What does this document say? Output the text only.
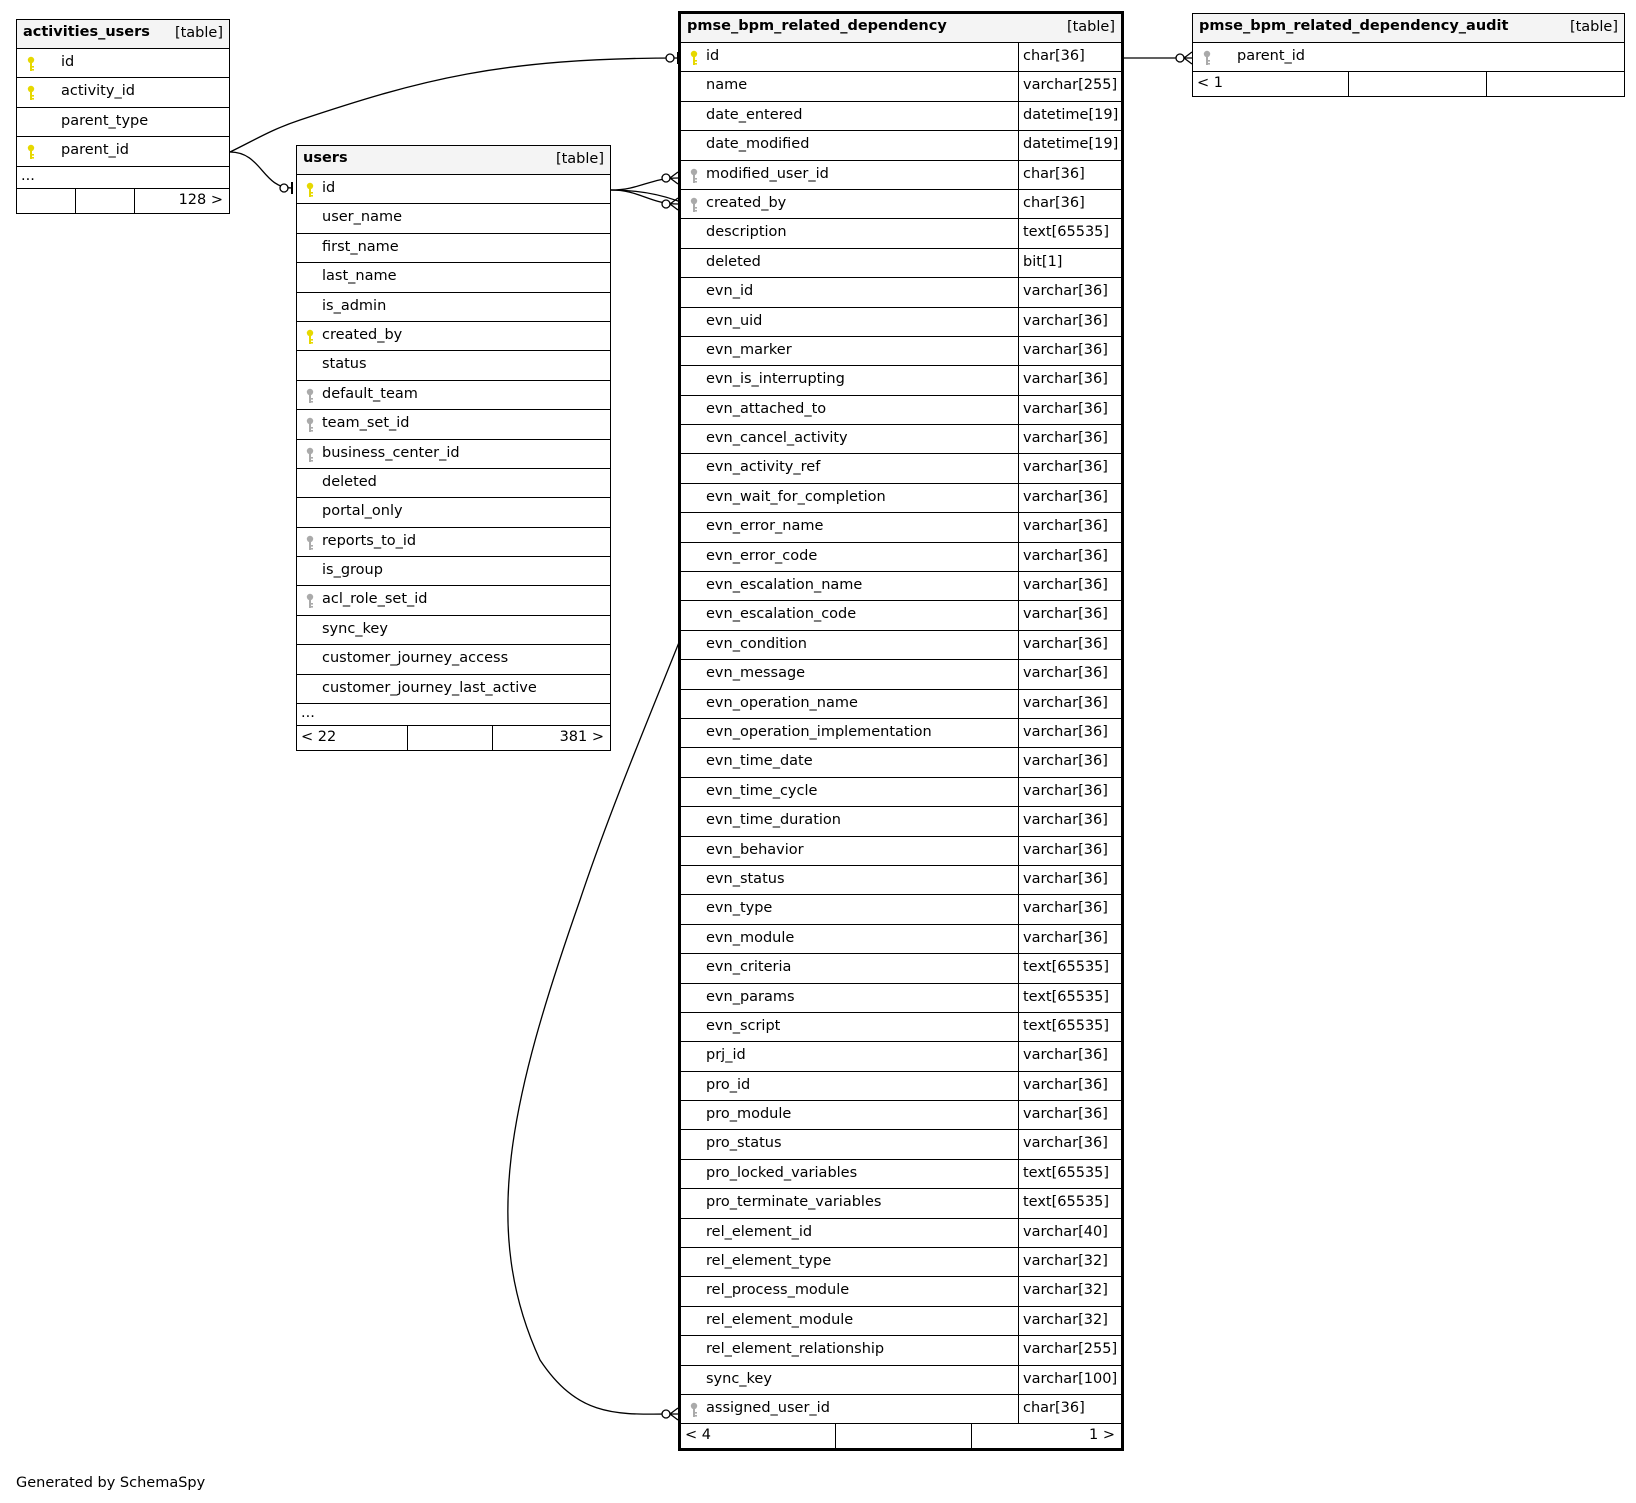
activities_users [table]
id
activity_id
parent_type
parent_id
...
128 >
users	[table]
id
user_name
first_name
last_name
is_admin
created_by
status
default_team
team_set_id
business_center_id
deleted
portal_only
reports_to_id
is_group
acl_role_set_id
sync_key
customer_journey_access
customer_journey_last_active
...
< 22	381 >
pmse_bpm_related_dependency	[table]
id	char[36]
name	varchar[255]
date_entered	datetime[19]
date_modified	datetime[19]
modified_user_id	char[36]
created_by	char[36]
description	text[65535]
deleted	bit[1]
evn_id	varchar[36]
evn_uid	varchar[36]
evn_marker	varchar[36]
evn_is_interrupting	varchar[36]
evn_attached_to	varchar[36]
evn_cancel_activity	varchar[36]
evn_activity_ref	varchar[36]
evn_wait_for_completion	varchar[36]
evn_error_name	varchar[36]
evn_error_code	varchar[36]
evn_escalation_name	varchar[36]
evn_escalation_code	varchar[36]
evn_condition	varchar[36]
evn_message	varchar[36]
evn_operation_name	varchar[36]
evn_operation_implementation	varchar[36]
evn_time_date	varchar[36]
evn_time_cycle	varchar[36]
evn_time_duration	varchar[36]
evn_behavior	varchar[36]
evn_status	varchar[36]
evn_type	varchar[36]
evn_module	varchar[36]
evn_criteria	text[65535]
evn_params	text[65535]
evn_script	text[65535]
prj_id	varchar[36]
pro_id	varchar[36]
pro_module	varchar[36]
pro_status	varchar[36]
pro_locked_variables	text[65535]
pro_terminate_variables	text[65535]
rel_element_id	varchar[40]
rel_element_type	varchar[32]
rel_process_module	varchar[32]
rel_element_module	varchar[32]
rel_element_relationship	varchar[255]
sync_key	varchar[100]
assigned_user_id	char[36]
< 4	1 >
pmse_bpm_related_dependency_audit	[table]
parent_id
< 1
Generated by SchemaSpy
